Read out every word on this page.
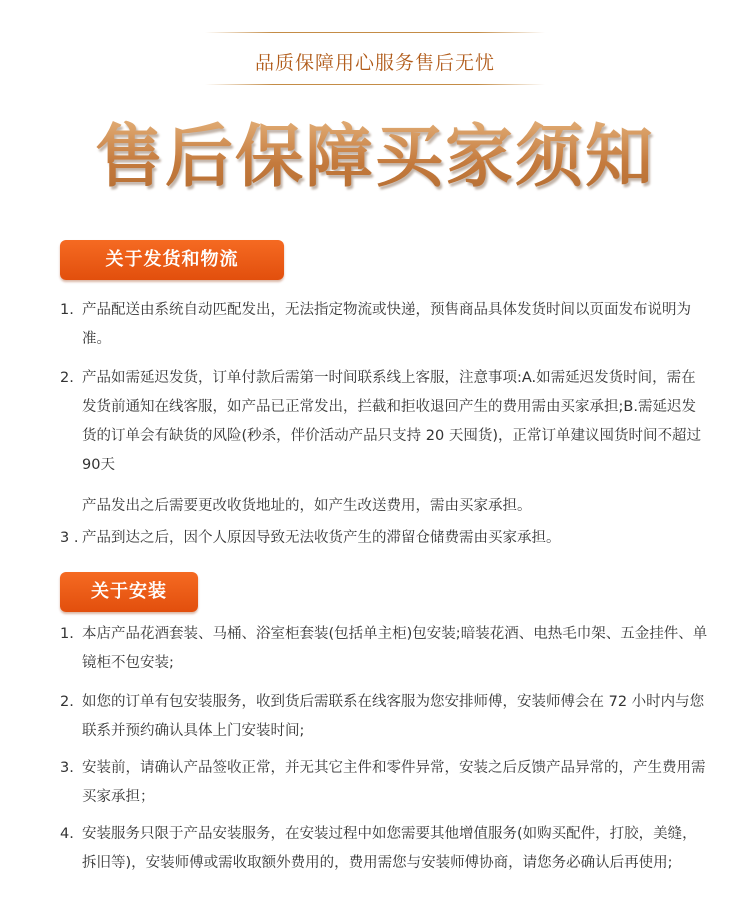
品质保障用心服务售后无忧
售后保障买家须知
关于发货和物流
1. 产品配送由系统自动匹配发出，无法指定物流或快递，预售商品具体发货时间以页面发布说明为准。
2. 产品如需延迟发货，订单付款后需第一时间联系线上客服，注意事项:A.如需延迟发货时间，需在发货前通知在线客服，如产品已正常发出，拦截和拒收退回产生的费用需由买家承担;B.需延迟发货的订单会有缺货的风险(秒杀，伴价活动产品只支持 20 天囤货)，正常订单建议囤货时间不超过 90天
产品发出之后需要更改收货地址的，如产生改送费用，需由买家承担。
3 . 产品到达之后，因个人原因导致无法收货产生的滞留仓储费需由买家承担。
关于安装
1. 本店产品花酒套装、马桶、浴室柜套装(包括单主柜)包安装;暗装花酒、电热毛巾架、五金挂件、单镜柜不包安装;
2. 如您的订单有包安装服务，收到货后需联系在线客服为您安排师傅，安装师傅会在 72 小时内与您联系并预约确认具体上门安装时间;
3. 安装前，请确认产品签收正常，并无其它主件和零件异常，安装之后反馈产品异常的，产生费用需买家承担；
4. 安装服务只限于产品安装服务，在安装过程中如您需要其他增值服务(如购买配件，打胶，美缝，拆旧等)，安装师傅或需收取额外费用的，费用需您与安装师傅协商，请您务必确认后再使用;
